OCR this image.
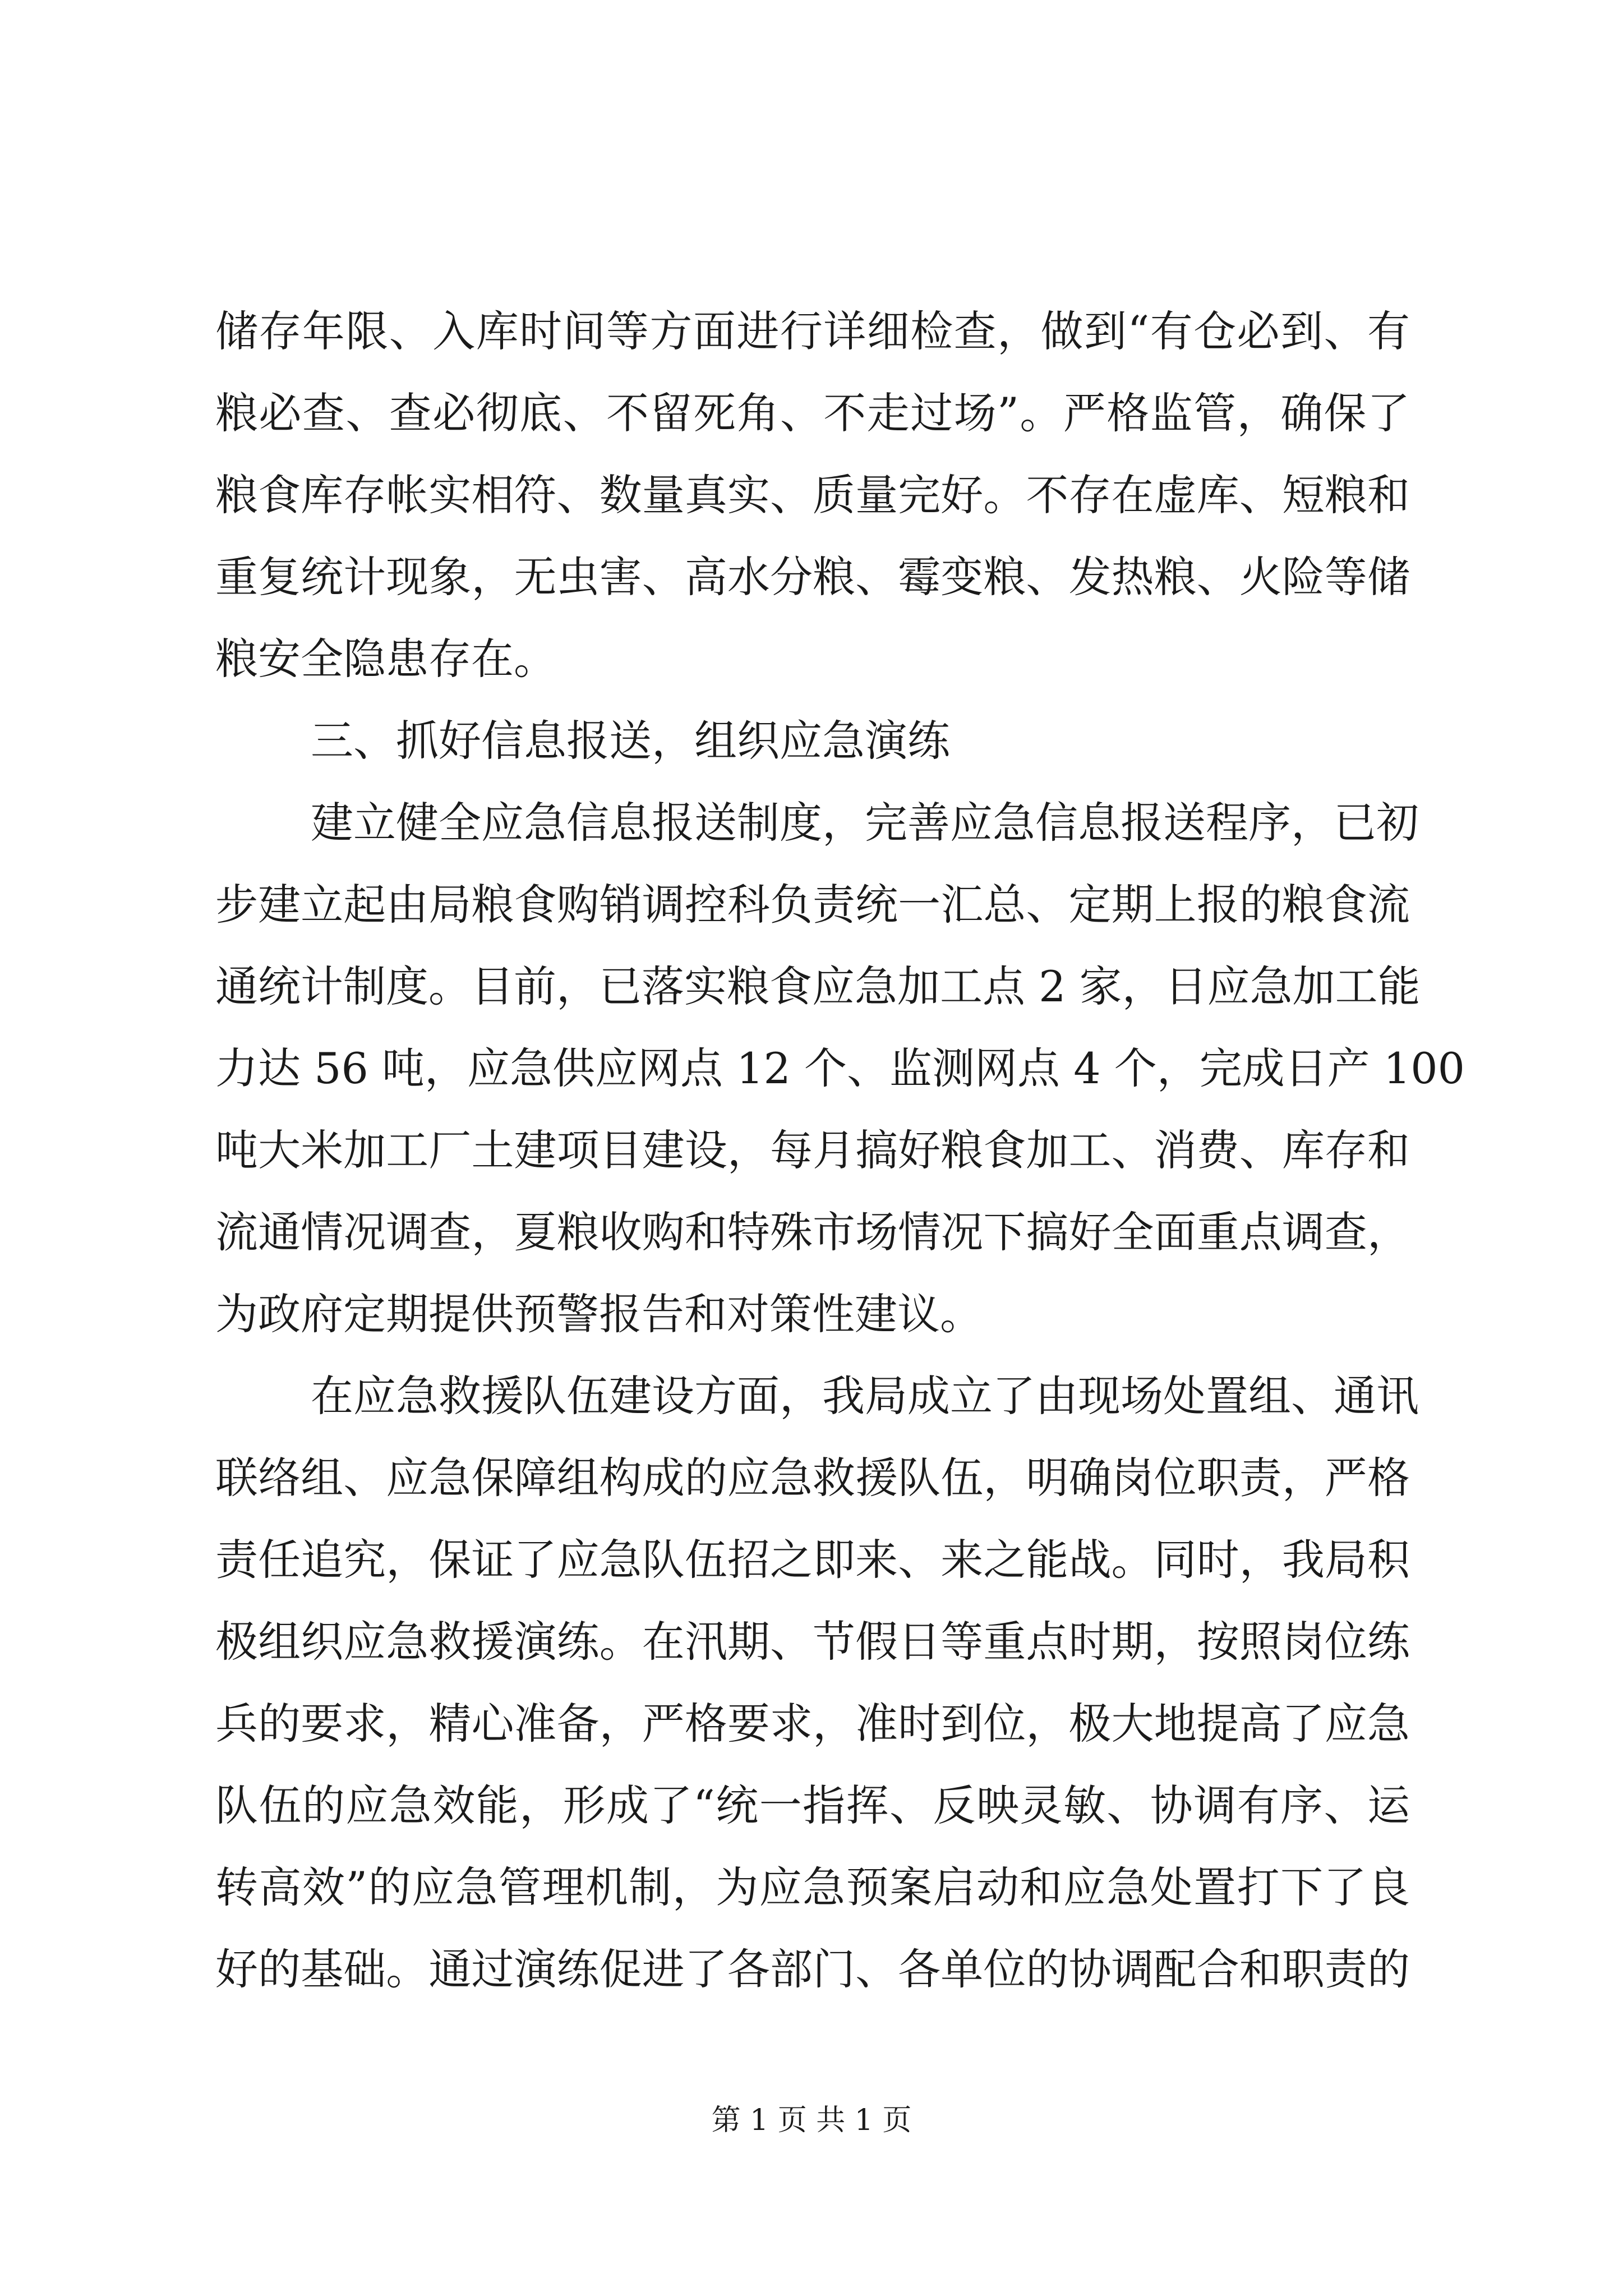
储存年限、入库时间等方面进行详细检查，做到“有仓必到、有
粮必查、查必彻底、不留死角、不走过场”。严格监管，确保了
粮食库存帐实相符、数量真实、质量完好。不存在虚库、短粮和
重复统计现象，无虫害、高水分粮、霉变粮、发热粮、火险等储
粮安全隐患存在。
三、抓好信息报送，组织应急演练
建立健全应急信息报送制度，完善应急信息报送程序，已初
步建立起由局粮食购销调控科负责统一汇总、定期上报的粮食流
通统计制度。目前，已落实粮食应急加工点 2 家，日应急加工能
力达 56 吨，应急供应网点 12 个、监测网点 4 个，完成日产 100
吨大米加工厂土建项目建设，每月搞好粮食加工、消费、库存和
流通情况调查，夏粮收购和特殊市场情况下搞好全面重点调查，
为政府定期提供预警报告和对策性建议。
在应急救援队伍建设方面，我局成立了由现场处置组、通讯
联络组、应急保障组构成的应急救援队伍，明确岗位职责，严格
责任追究，保证了应急队伍招之即来、来之能战。同时，我局积
极组织应急救援演练。在汛期、节假日等重点时期，按照岗位练
兵的要求，精心准备，严格要求，准时到位，极大地提高了应急
队伍的应急效能，形成了“统一指挥、反映灵敏、协调有序、运
转高效”的应急管理机制，为应急预案启动和应急处置打下了良
好的基础。通过演练促进了各部门、各单位的协调配合和职责的
第 1 页 共 1 页
